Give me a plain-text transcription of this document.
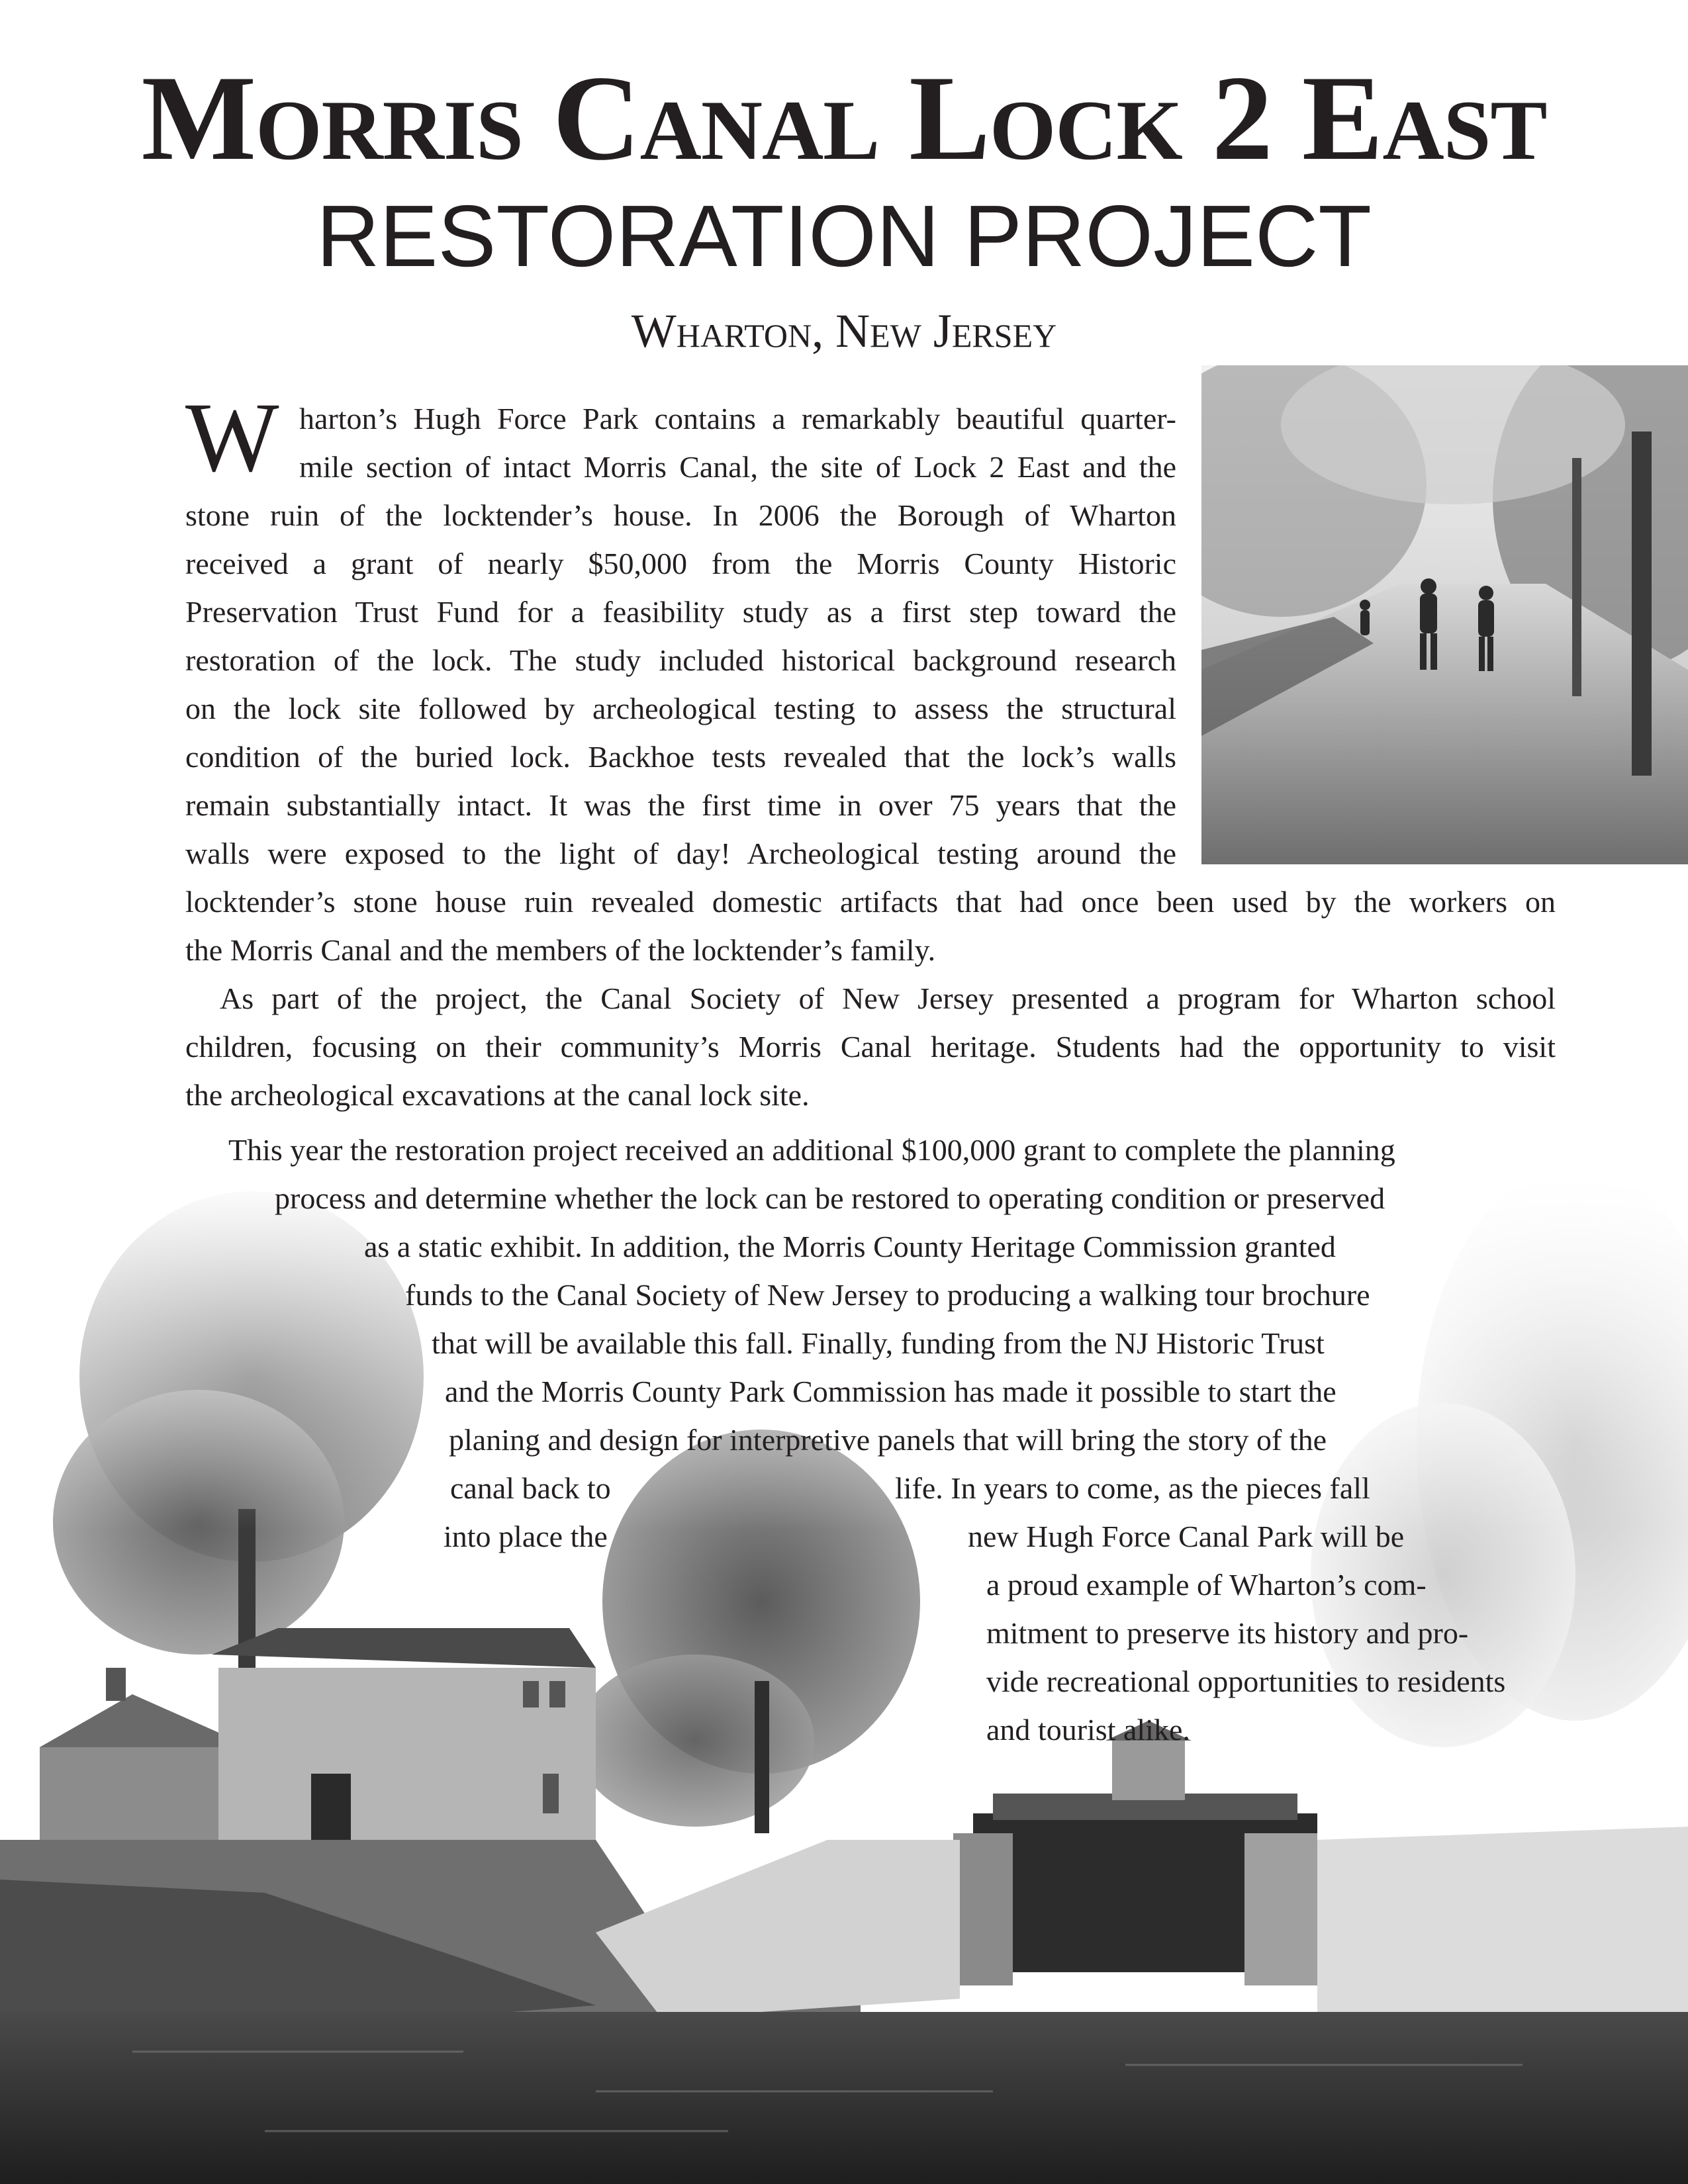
Morris Canal Lock 2 East
RESTORATION PROJECT
Wharton, New Jersey
W harton’s Hugh Force Park contains a remarkably beautiful quarter-
mile section of intact Morris Canal, the site of Lock 2 East and the
stone ruin of the locktender’s house. In 2006 the Borough of Wharton
received a grant of nearly $50,000 from the Morris County Historic
Preservation Trust Fund for a feasibility study as a first step toward the
restoration of the lock. The study included historical background research
on the lock site followed by archeological testing to assess the structural
condition of the buried lock. Backhoe tests revealed that the lock’s walls
remain substantially intact. It was the first time in over 75 years that the
walls were exposed to the light of day! Archeological testing around the
locktender’s stone house ruin revealed domestic artifacts that had once been used by the workers on
the Morris Canal and the members of the locktender’s family.
As part of the project, the Canal Society of New Jersey presented a program for Wharton school
children, focusing on their community’s Morris Canal heritage. Students had the opportunity to visit
the archeological excavations at the canal lock site.
This year the restoration project received an additional $100,000 grant to complete the planning
process and determine whether the lock can be restored to operating condition or preserved
as a static exhibit. In addition, the Morris County Heritage Commission granted
funds to the Canal Society of New Jersey to producing a walking tour brochure
that will be available this fall. Finally, funding from the NJ Historic Trust
and the Morris County Park Commission has made it possible to start the
planing and design for interpretive panels that will bring the story of the
canal back to	life. In years to come, as the pieces fall
into place the	new Hugh Force Canal Park will be
a proud example of Wharton’s com-
mitment to preserve its history and pro-
vide recreational opportunities to residents
and tourist alike.
